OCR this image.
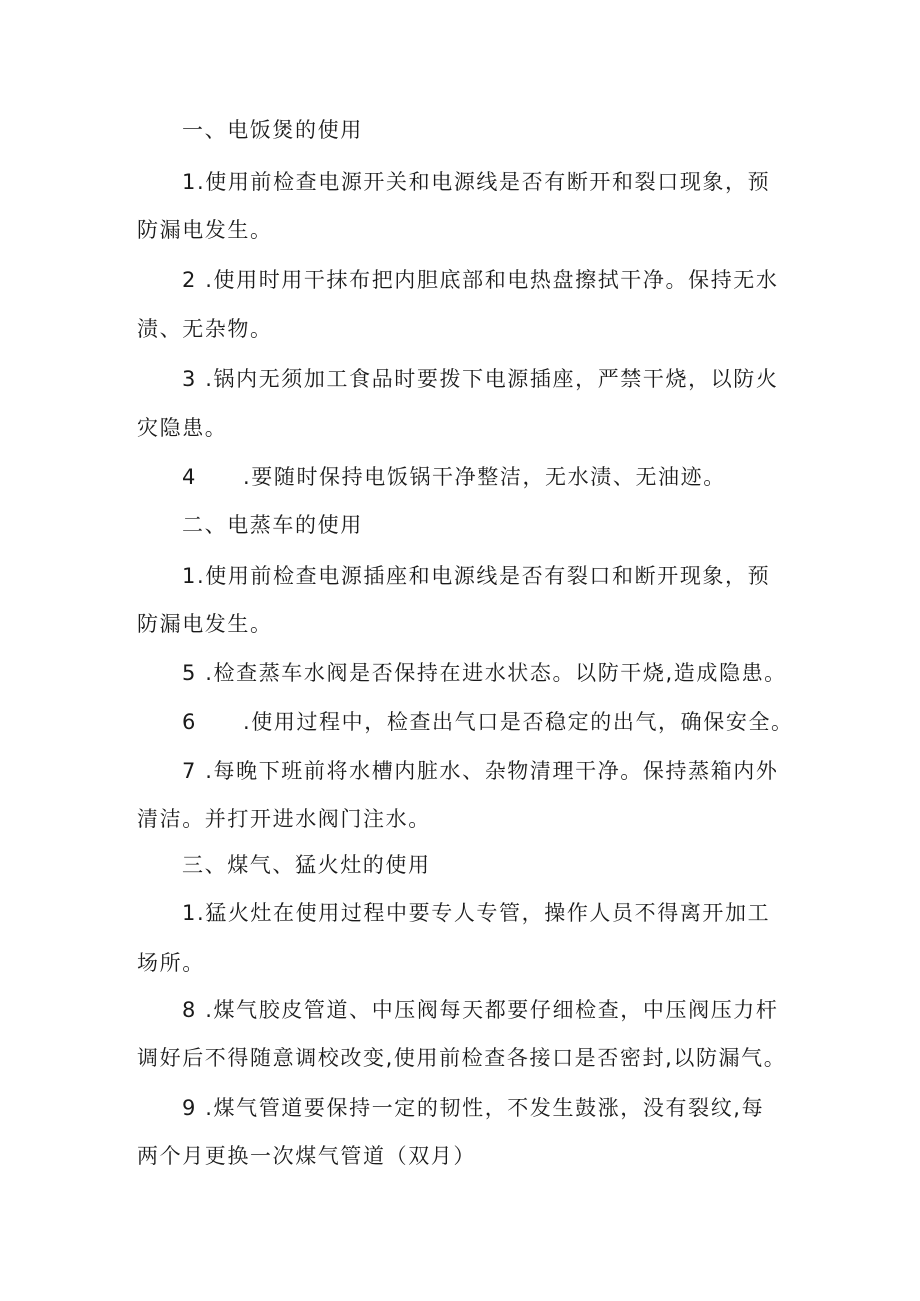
一、电饭煲的使用
1.使用前检查电源开关和电源线是否有断开和裂口现象，预
防漏电发生。
2 .使用时用干抹布把内胆底部和电热盘擦拭干净。保持无水
渍、无杂物。
3 .锅内无须加工食品时要拨下电源插座，严禁干烧，以防火
灾隐患。
4 .要随时保持电饭锅干净整洁，无水渍、无油迹。
二、电蒸车的使用
1.使用前检查电源插座和电源线是否有裂口和断开现象，预
防漏电发生。
5 .检查蒸车水阀是否保持在进水状态。以防干烧,造成隐患。
6 .使用过程中，检查出气口是否稳定的出气，确保安全。
7 .每晚下班前将水槽内脏水、杂物清理干净。保持蒸箱内外
清洁。并打开进水阀门注水。
三、煤气、猛火灶的使用
1.猛火灶在使用过程中要专人专管，操作人员不得离开加工
场所。
8 .煤气胶皮管道、中压阀每天都要仔细检查，中压阀压力杆
调好后不得随意调校改变,使用前检查各接口是否密封,以防漏气。
9 .煤气管道要保持一定的韧性，不发生鼓涨，没有裂纹,每
两个月更换一次煤气管道（双月）
